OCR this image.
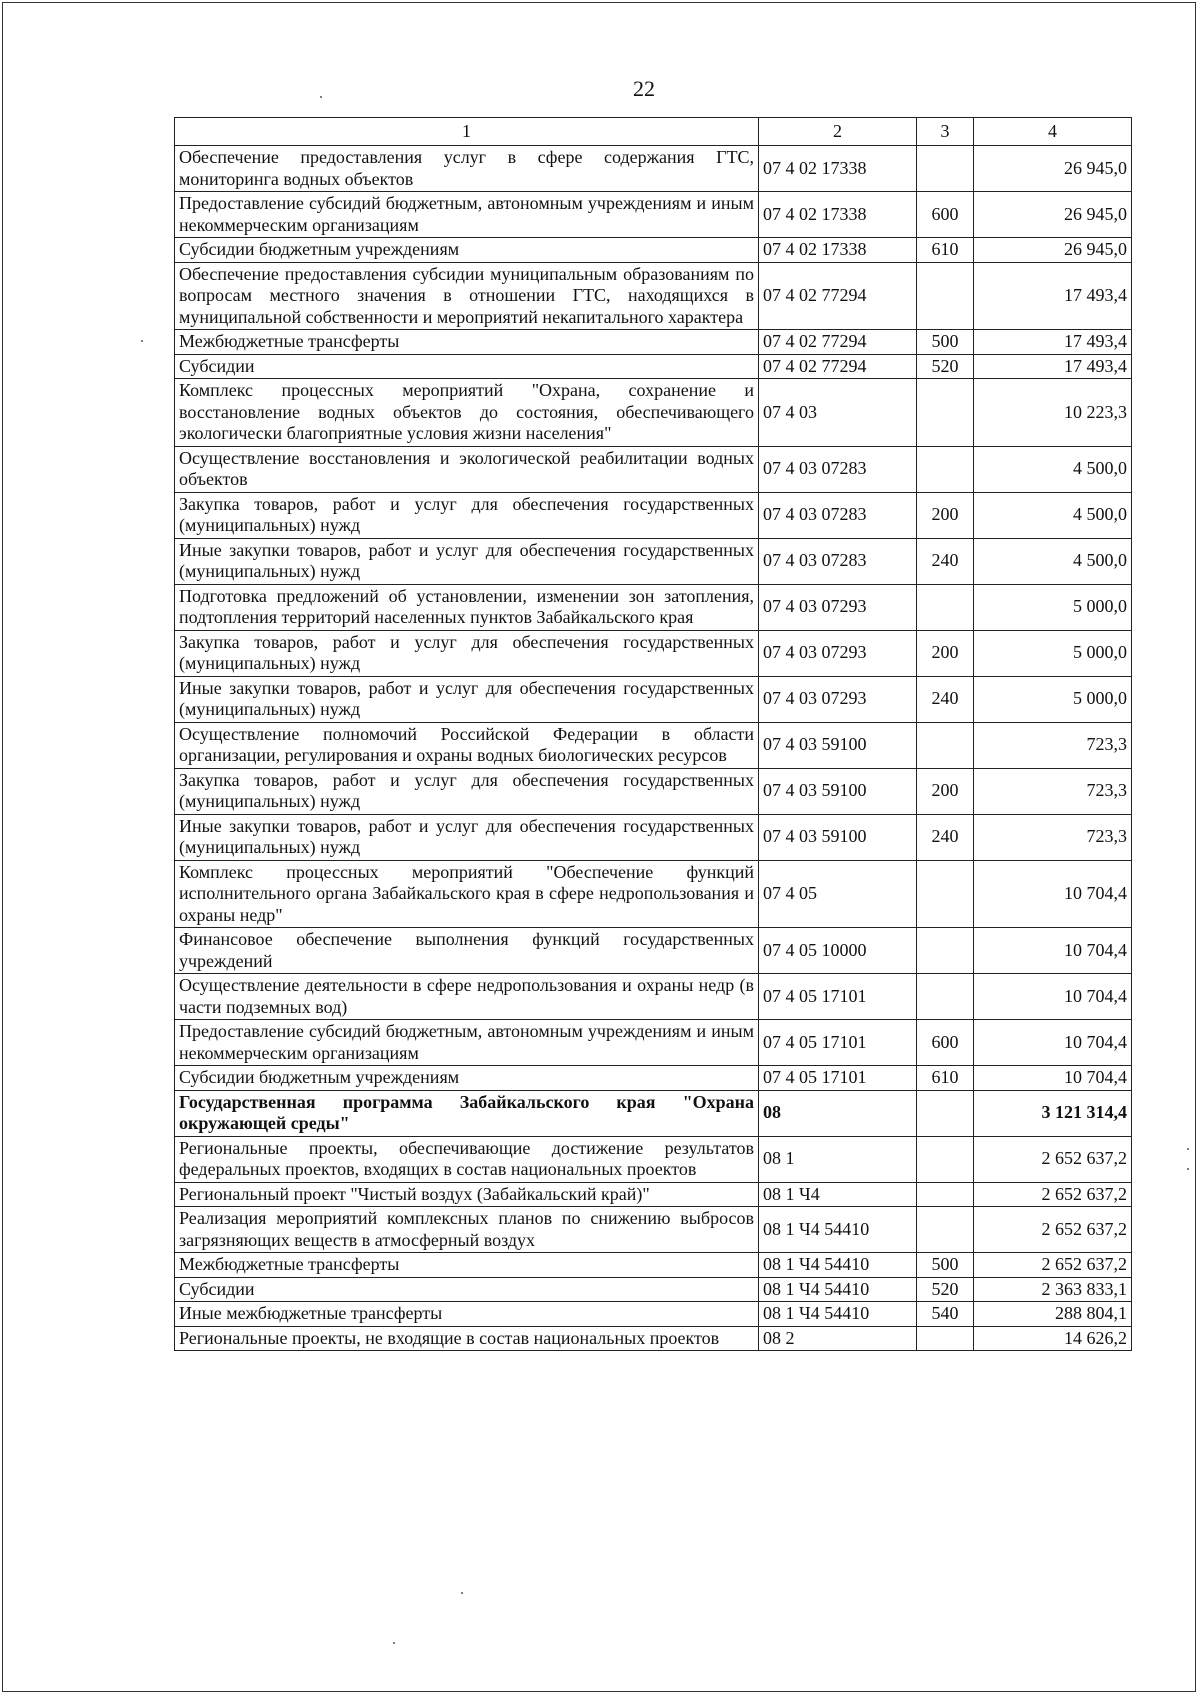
22
1	2	3	4
Обеспечение предоставления услуг в сфере содержания ГТС, мониторинга водных объектов	07 4 02 17338		26 945,0
Предоставление субсидий бюджетным, автономным учреждениям и иным некоммерческим организациям	07 4 02 17338	600	26 945,0
Субсидии бюджетным учреждениям	07 4 02 17338	610	26 945,0
Обеспечение предоставления субсидии муниципальным образованиям по вопросам местного значения в отношении ГТС, находящихся в муниципальной собственности и мероприятий некапитального характера	07 4 02 77294		17 493,4
Межбюджетные трансферты	07 4 02 77294	500	17 493,4
Субсидии	07 4 02 77294	520	17 493,4
Комплекс процессных мероприятий "Охрана, сохранение и восстановление водных объектов до состояния, обеспечивающего экологически благоприятные условия жизни населения"	07 4 03		10 223,3
Осуществление восстановления и экологической реабилитации водных объектов	07 4 03 07283		4 500,0
Закупка товаров, работ и услуг для обеспечения государственных (муниципальных) нужд	07 4 03 07283	200	4 500,0
Иные закупки товаров, работ и услуг для обеспечения государственных (муниципальных) нужд	07 4 03 07283	240	4 500,0
Подготовка предложений об установлении, изменении зон затопления, подтопления территорий населенных пунктов Забайкальского края	07 4 03 07293		5 000,0
Закупка товаров, работ и услуг для обеспечения государственных (муниципальных) нужд	07 4 03 07293	200	5 000,0
Иные закупки товаров, работ и услуг для обеспечения государственных (муниципальных) нужд	07 4 03 07293	240	5 000,0
Осуществление полномочий Российской Федерации в области организации, регулирования и охраны водных биологических ресурсов	07 4 03 59100		723,3
Закупка товаров, работ и услуг для обеспечения государственных (муниципальных) нужд	07 4 03 59100	200	723,3
Иные закупки товаров, работ и услуг для обеспечения государственных (муниципальных) нужд	07 4 03 59100	240	723,3
Комплекс процессных мероприятий "Обеспечение функций исполнительного органа Забайкальского края в сфере недропользования и охраны недр"	07 4 05		10 704,4
Финансовое обеспечение выполнения функций государственных учреждений	07 4 05 10000		10 704,4
Осуществление деятельности в сфере недропользования и охраны недр (в части подземных вод)	07 4 05 17101		10 704,4
Предоставление субсидий бюджетным, автономным учреждениям и иным некоммерческим организациям	07 4 05 17101	600	10 704,4
Субсидии бюджетным учреждениям	07 4 05 17101	610	10 704,4
Государственная программа Забайкальского края "Охрана окружающей среды"	08		3 121 314,4
Региональные проекты, обеспечивающие достижение результатов федеральных проектов, входящих в состав национальных проектов	08 1		2 652 637,2
Региональный проект "Чистый воздух (Забайкальский край)"	08 1 Ч4		2 652 637,2
Реализация мероприятий комплексных планов по снижению выбросов загрязняющих веществ в атмосферный воздух	08 1 Ч4 54410		2 652 637,2
Межбюджетные трансферты	08 1 Ч4 54410	500	2 652 637,2
Субсидии	08 1 Ч4 54410	520	2 363 833,1
Иные межбюджетные трансферты	08 1 Ч4 54410	540	288 804,1
Региональные проекты, не входящие в состав национальных проектов	08 2		14 626,2
